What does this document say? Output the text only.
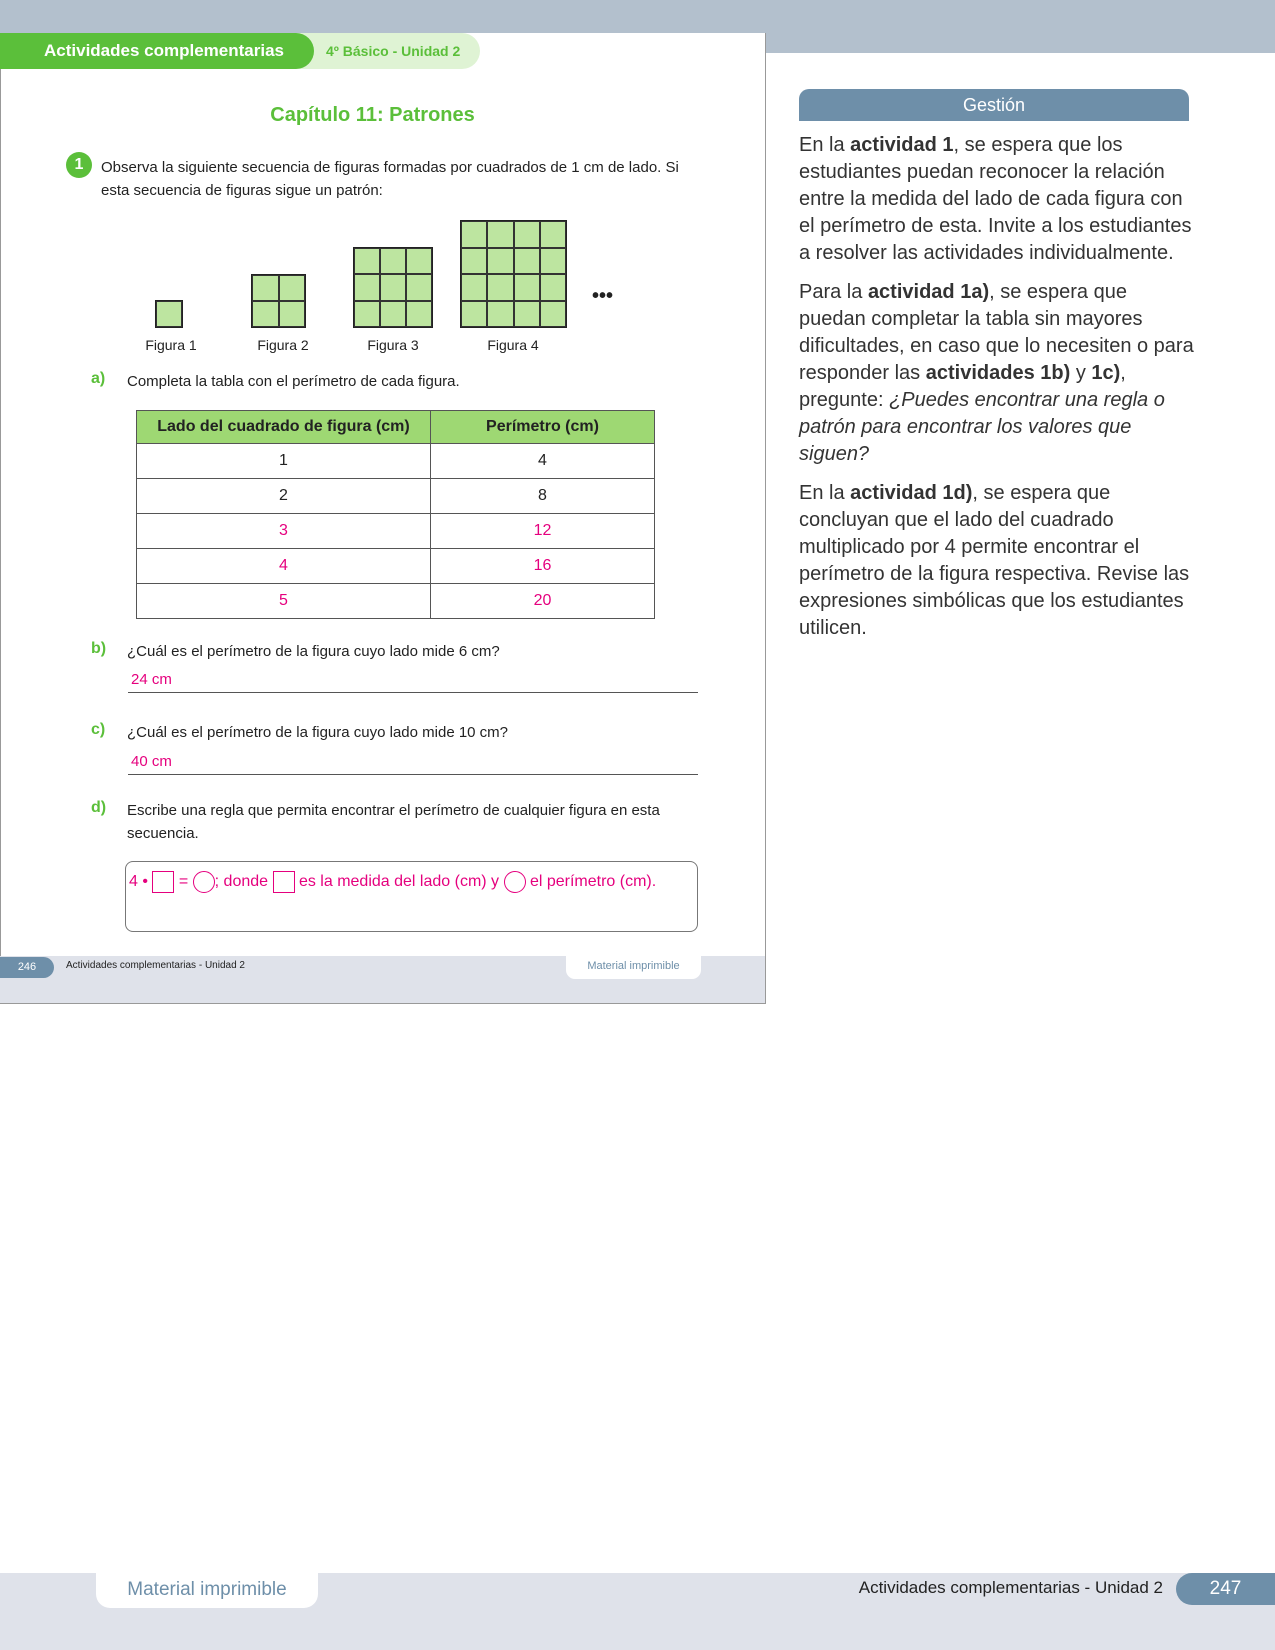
4º Básico - Unidad 2
Actividades complementarias
Capítulo 11: Patrones
1	Observa la siguiente secuencia de figuras formadas por cuadrados de 1 cm de lado. Si esta secuencia de figuras sigue un patrón:
•••
Figura 1	Figura 2	Figura 3	Figura 4
a) Completa la tabla con el perímetro de cada figura.
Lado del cuadrado de figura (cm)	Perímetro (cm)
1	4
2	8
3	12
4	16
5	20
b) ¿Cuál es el perímetro de la figura cuyo lado mide 6 cm?
24 cm
c) ¿Cuál es el perímetro de la figura cuyo lado mide 10 cm?
40 cm
d) Escribe una regla que permita encontrar el perímetro de cualquier figura en esta secuencia.
4 • = ; donde es la medida del lado (cm) y el perímetro (cm).
246	Actividades complementarias - Unidad 2	Material imprimible
Gestión

En la actividad 1, se espera que los estudiantes puedan reconocer la relación entre la medida del lado de cada figura con el perímetro de esta. Invite a los estudiantes a resolver las actividades individualmente.

Para la actividad 1a), se espera que puedan completar la tabla sin mayores dificultades, en caso que lo necesiten o para responder las actividades 1b) y 1c), pregunte: ¿Puedes encontrar una regla o patrón para encontrar los valores que siguen?

En la actividad 1d), se espera que concluyan que el lado del cuadrado multiplicado por 4 permite encontrar el perímetro de la figura respectiva. Revise las expresiones simbólicas que los estudiantes utilicen.

Material imprimible	Actividades complementarias - Unidad 2	247
